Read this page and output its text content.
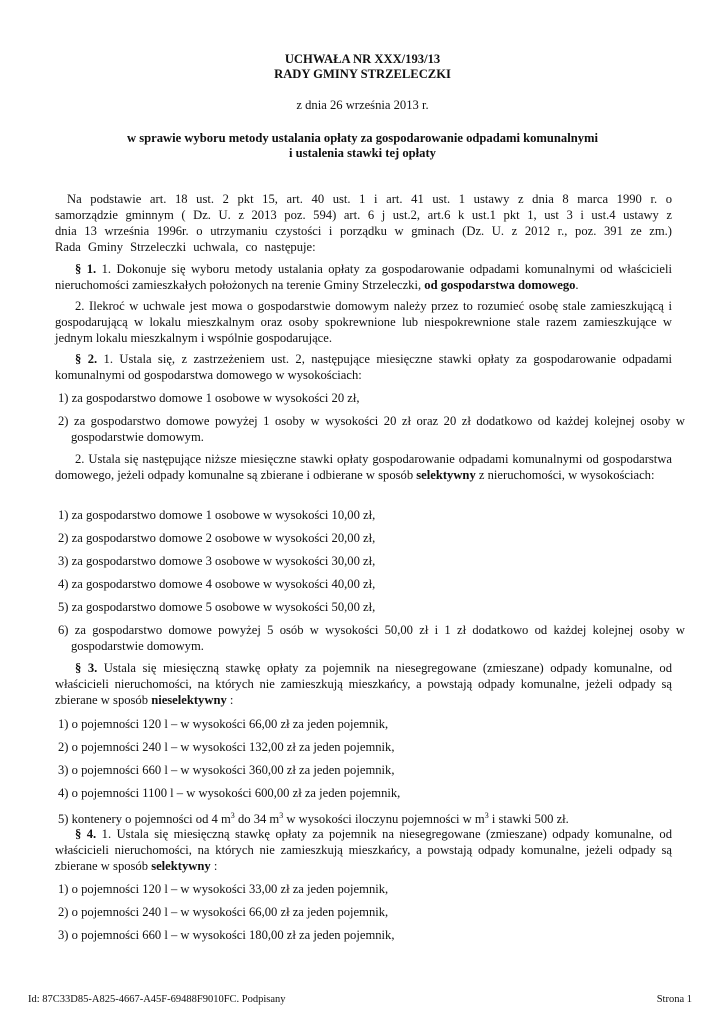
UCHWAŁA NR XXX/193/13
RADY GMINY STRZELECZKI
z dnia 26 września 2013 r.
w sprawie wyboru metody ustalania opłaty za gospodarowanie odpadami komunalnymi
i ustalenia stawki tej opłaty
Na podstawie art. 18 ust. 2 pkt 15, art. 40 ust. 1 i art. 41 ust. 1 ustawy z dnia 8 marca 1990 r. o samorządzie gminnym ( Dz. U. z 2013 poz. 594) art. 6 j ust.2, art.6 k ust.1 pkt 1, ust 3 i ust.4 ustawy z dnia 13 września 1996r. o utrzymaniu czystości i porządku w gminach (Dz. U. z 2012 r., poz. 391 ze zm.) Rada Gminy Strzeleczki uchwala, co następuje:
§ 1. 1. Dokonuje się wyboru metody ustalania opłaty za gospodarowanie odpadami komunalnymi od właścicieli nieruchomości zamieszkałych położonych na terenie Gminy Strzeleczki, od gospodarstwa domowego.
2. Ilekroć w uchwale jest mowa o gospodarstwie domowym należy przez to rozumieć osobę stale zamieszkującą i gospodarującą w lokalu mieszkalnym oraz osoby spokrewnione lub niespokrewnione stale razem zamieszkujące w jednym lokalu mieszkalnym i wspólnie gospodarujące.
§ 2. 1. Ustala się, z zastrzeżeniem ust. 2, następujące miesięczne stawki opłaty za gospodarowanie odpadami komunalnymi od gospodarstwa domowego w wysokościach:
1) za gospodarstwo domowe 1 osobowe w wysokości 20 zł,
2) za gospodarstwo domowe powyżej 1 osoby w wysokości 20 zł oraz 20 zł dodatkowo od każdej kolejnej osoby w gospodarstwie domowym.
2. Ustala się następujące niższe miesięczne stawki opłaty gospodarowanie odpadami komunalnymi od gospodarstwa domowego, jeżeli odpady komunalne są zbierane i odbierane w sposób selektywny z nieruchomości, w wysokościach:
1) za gospodarstwo domowe 1 osobowe w wysokości 10,00 zł,
2) za gospodarstwo domowe 2 osobowe w wysokości 20,00 zł,
3) za gospodarstwo domowe 3 osobowe w wysokości 30,00 zł,
4) za gospodarstwo domowe 4 osobowe w wysokości 40,00 zł,
5) za gospodarstwo domowe 5 osobowe w wysokości 50,00 zł,
6) za gospodarstwo domowe powyżej 5 osób w wysokości 50,00 zł i 1 zł dodatkowo od każdej kolejnej osoby w gospodarstwie domowym.
§ 3. Ustala się miesięczną stawkę opłaty za pojemnik na niesegregowane (zmieszane) odpady komunalne, od właścicieli nieruchomości, na których nie zamieszkują mieszkańcy, a powstają odpady komunalne, jeżeli odpady są zbierane w sposób nieselektywny :
1) o pojemności 120 l – w wysokości 66,00 zł za jeden pojemnik,
2) o pojemności 240 l – w wysokości 132,00 zł za jeden pojemnik,
3) o pojemności 660 l – w wysokości 360,00 zł za jeden pojemnik,
4) o pojemności 1100 l – w wysokości 600,00 zł za jeden pojemnik,
5) kontenery o pojemności od 4 $m^3$ do 34 $m^3$ w wysokości iloczynu pojemności w $m^3$ i stawki 500 zł.
§ 4. 1. Ustala się miesięczną stawkę opłaty za pojemnik na niesegregowane (zmieszane) odpady komunalne, od właścicieli nieruchomości, na których nie zamieszkują mieszkańcy, a powstają odpady komunalne, jeżeli odpady są zbierane w sposób selektywny :
1) o pojemności 120 l – w wysokości 33,00 zł za jeden pojemnik,
2) o pojemności 240 l – w wysokości 66,00 zł za jeden pojemnik,
3) o pojemności 660 l – w wysokości 180,00 zł za jeden pojemnik,
Id: 87C33D85-A825-4667-A45F-69488F9010FC. Podpisany	Strona 1
